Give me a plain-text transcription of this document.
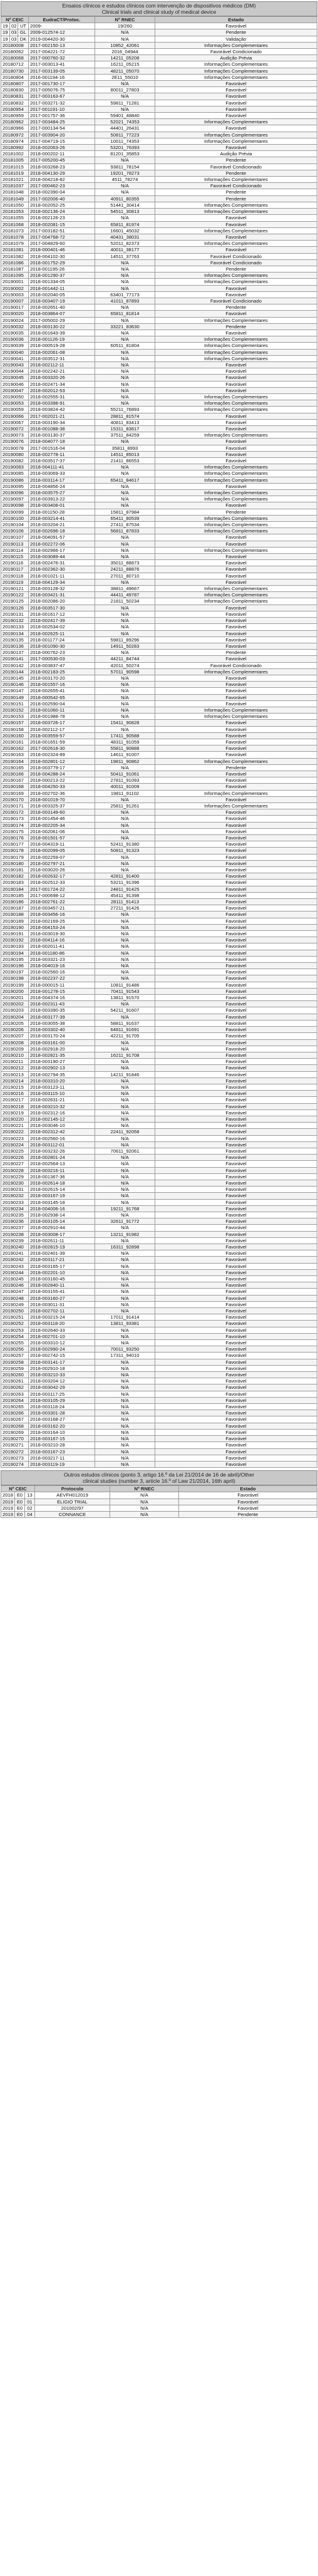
Ensaios clínicos e estudos clínicos com intervenção de dispositivos médicos (DM)
Clinical trials and clinical study of medical device
Nº CEIC			EudraCT/Protoc.	Nº RNEC	Estado
19	02	UT	2009-	19/260	Favorável
19	03	GL	2009-012574-12	N/A	Pendente
19	03	DK	2019-004420-30	N/A	Validação
20180008			2017-002150-13	10852_42061	Informações Complementares
20180062			2017-004221-72	2016_04944	Favorável Condicionado
20180068			2017-000760-32	14211_05208	Audição Prévia
20180712			2017-003013-41	16211_05215	Informações Complementares
20180730			2017-003139-05	48211_05070	Informações Complementares
20180804			2016-001194-16	2E11_55010	Informações Complementares
20180807			2017-001730-17	N/A	Favorável
20180830			2017-005076-75	80011_27803	Favorável
20180831			2017-003163-67	N/A	Favorável
20180832			2017-003271-32	59811_71281	Favorável
20180954			2017-001191-10	N/A	Favorável
20180959			2017-001757-36	59401_48840	Favorável
20180962			2017-003484-25	52021_74353	Informações Complementares
20180966			2017-000134-54	44401_26431	Favorável
20180972			2017-003904-20	50811_77223	Informações Complementares
20180974			2017-004719-15	10011_74353	Informações Complementares
20180992			2018-002063-26	53201_76393	Favorável
20181002			2018-000202-11	81201_35853	Audição Prévia
20181005			2017-005200-45	N/A	Pendente
20181015			2018-003268-23	93811_78154	Favorável Condicionado
20181019			2018-004130-29	19201_78273	Pendente
20181021			2018-004218-82	4511_78274	Informações Complementares
20181037			2017-000462-23	N/A	Favorável Condicionado
20181048			2018-002390-04	N/A	Pendente
20181049			2017-002006-40	40911_80355	Pendente
20181050			2018-002052-25	51441_30414	Informações Complementares
20181053			2018-002136-24	54511_30813	Informações Complementares
20181055			2018-002126-23	N/A	Favorável
20181068			2018-002081-15	65811_81974	Favorável
20181073			2017-003182-51	16601_45032	Informações Complementares
20181078			2017-004768-72	40431_38031	Favorável
20181079			2017-004829-60	52011_82373	Informações Complementares
20181081			2018-000401-46	40011_38177	Favorável
20181082			2018-004102-30	14511_37763	Favorável Condicionado
20181086			2018-001752-29	N/A	Favorável Condicionado
20181087			2018-001195-26	N/A	Pendente
20181095			2018-001290-37	N/A	Informações Complementares
20190001			2018-001334-05	N/A	Informações Complementares
20190002			2018-001442-11	N/A	Favorável
20190003			2018-002040-05	63401_77173	Favorável
20190007			2018-003407-19	41011_87893	Favorável Condicionado
20190017			2018-002651-40	N/A	Pendente
20190020			2018-003864-07	65811_81814	Favorável
20190024			2017-005002-29	N/A	Informações Complementares
20190032			2018-003130-22	33221_83630	Pendente
20190035			2018-001643-39	N/A	Favorável
20190036			2018-001126-19	N/A	Informações Complementares
20190039			2018-000519-28	60511_81804	Informações Complementares
20190040			2018-002061-08	N/A	Informações Complementares
20190041			2018-003512-31	N/A	Informações Complementares
20190043			2018-002112-11	N/A	Favorável
20190044			2018-002242-21	N/A	Favorável
20190045			2018-003320-26	N/A	Favorável
20190046			2018-002471-34	N/A	Favorável
20190047			2018-002012-53	N/A	Favorável
20190050			2018-002555-31	N/A	Informações Complementares
20190053			2018-003398-91	N/A	Informações Complementares
20190059			2018-003824-42	55211_76893	Informações Complementares
20190066			2017-002021-21	28811_81574	Favorável
20190067			2018-003190-34	40811_83413	Favorável
20190072			2018-001088-38	15311_83817	Favorável
20190073			2018-003130-37	37511_84259	Informações Complementares
20190076			2018-004077-18	N/A	Favorável
20190078			2017-001516-04	35811_8993	Favorável
20190080			2018-002778-11	14511_85013	Favorável
20190082			2018-003517-37	21411_86553	Favorável
20190083			2018-004111-41	N/A	Informações Complementares
20190085			2018-003069-33	N/A	Informações Complementares
20190086			2018-003114-17	65411_84617	Informações Complementares
20190095			2018-004856-24	N/A	Favorável
20190096			2018-003575-27	N/A	Informações Complementares
20190097			2018-003913-22	N/A	Informações Complementares
20190098			2018-003408-01	N/A	Favorável
20190099			2018-001150-28	15811_87984	Pendente
20190100			2018-003214-41	65411_80539	Informações Complementares
20190104			2018-003204-21	27411_87534	Informações Complementares
20190106			2018-002696-18	56811_87833	Informações Complementares
20190107			2018-004091-57	N/A	Favorável
20190113			2018-002272-06	N/A	Favorável
20190114			2018-002966-17	N/A	Informações Complementares
20190115			2018-003089-44	N/A	Favorável
20190116			2018-002476-31	35011_88873	Favorável
20190117			2018-002362-30	24211_88876	Favorável
20190118			2018-001021-11	27011_80710	Favorável
20190119			2018-004129-34	N/A	Favorável
20190121			2018-003128-32	38811_49667	Informações Complementares
20190122			2018-003421-31	44411_49787	Informações Complementares
20190125			2018-002086-20	21811_50234	Informações Complementares
20190126			2018-003517-30	N/A	Favorável
20190131			2018-001617-12	N/A	Favorável
20190132			2018-002417-39	N/A	Favorável
20190133			2018-002534-02	N/A	Favorável
20190134			2018-002625-11	N/A	Favorável
20190135			2018-001177-24	59811_89296	Favorável
20190136			2018-001090-30	14911_50283	Favorável
20190137			2018-000762-23	N/A	Pendente
20190141			2017-000530-03	44211_84744	Favorável
20190142			2018-003837-47	42011_50274	Favorável Condicionado
20190144			2018-002183-25	57011_90598	Informações Complementares
20190145			2018-003170-20	N/A	Favorável
20190146			2018-001557-16	N/A	Favorável
20190147			2018-002655-41	N/A	Favorável
20190149			2018-000542-65	N/A	Favorável
20190151			2018-002590-04	N/A	Favorável
20190152			2018-001060-11	N/A	Informações Complementares
20190153			2018-001988-78	N/A	Informações Complementares
20190157			2018-003726-17	15411_90828	Favorável
20190158			2018-002112-17	N/A	Favorável
20190160			2018-003559-57	17411_90588	Favorável
20190161			2018-001651-59	48311_91059	Favorável
20190162			2017-002618-30	55811_90888	Favorável
20190163			2018-002324-89	14611_91007	Favorável
20190164			2018-002801-12	19811_90862	Informações Complementares
20190165			2018-003779-17	N/A	Pendente
20190166			2018-004288-24	50411_91061	Favorável
20190167			2018-000213-22	27811_91093	Favorável
20190168			2018-004250-33	40011_91009	Favorável
20190169			2018-002702-36	19811_91102	Informações Complementares
20190170			2018-001019-70	N/A	Favorável
20190171			2018-003325-37	25811_91261	Informações Complementares
20190172			2018-003149-60	N/A	Favorável
20190173			2018-001454-46	N/A	Favorável
20190174			2018-002205-34	N/A	Favorável
20190175			2018-002061-06	N/A	Favorável
20190176			2018-001501-57	N/A	Favorável
20190177			2018-004319-11	52411_91380	Favorável
20190178			2018-002099-05	50811_91323	Favorável
20190179			2018-002259-07	N/A	Favorável
20190180			2018-002797-21	N/A	Favorável
20190181			2018-003020-26	N/A	Favorável
20190182			2018-002632-17	42811_91400	Favorável
20190183			2018-002512-33	53211_91396	Favorável
20190184			2017-001724-22	24811_91425	Favorável
20190185			2017-000698-12	45411_91398	Favorável
20190186			2018-002761-22	28111_91413	Favorável
20190187			2018-003457-21	27211_91426	Favorável
20190188			2018-003456-16	N/A	Favorável
20190189			2018-002169-25	N/A	Favorável
20190190			2018-004153-24	N/A	Favorável
20190191			2018-003019-30	N/A	Favorável
20190192			2018-004114-16	N/A	Favorável
20190193			2018-002011-41	N/A	Favorável
20190194			2018-001180-86	N/A	Favorável
20190195			2018-003321-23	N/A	Favorável
20190196			2018-004019-16	N/A	Favorável
20190197			2018-002560-16	N/A	Favorável
20190198			2018-002237-22	N/A	Favorável
20190199			2018-000015-11	10811_91486	Favorável
20190200			2018-001278-15	70411_91543	Favorável
20190201			2018-004374-16	13811_91570	Favorável
20190202			2018-002311-43	N/A	Favorável
20190203			2018-003390-35	54211_91607	Favorável
20190204			2018-003177-39	N/A	Favorável
20190205			2018-003055-38	58811_91637	Favorável
20190206			2018-003302-40	64811_91691	Favorável
20190207			2018-003170-24	42211_91705	Favorável
20190208			2018-003161-00	N/A	Favorável
20190209			2018-002918-20	N/A	Favorável
20190210			2018-002821-35	16211_91708	Favorável
20190211			2018-003190-27	N/A	Favorável
20190212			2018-002902-13	N/A	Favorável
20190213			2018-002794-35	14211_91846	Favorável
20190214			2018-003310-20	N/A	Favorável
20190215			2018-003123-11	N/A	Favorável
20190216			2018-003115-10	N/A	Favorável
20190217			2018-002631-21	N/A	Favorável
20190218			2018-003210-32	N/A	Favorável
20190219			2018-002312-16	N/A	Favorável
20190220			2018-002145-12	N/A	Favorável
20190221			2018-003046-10	N/A	Favorável
20190222			2018-002312-42	22411_92058	Favorável
20190223			2018-002560-16	N/A	Favorável
20190224			2018-003112-01	N/A	Favorável
20190225			2018-003232-26	70611_92061	Favorável
20190226			2018-002801-24	N/A	Favorável
20190227			2018-002564-13	N/A	Favorável
20190228			2018-003216-11	N/A	Favorável
20190229			2018-001367-36	N/A	Favorável
20190230			2018-002614-18	N/A	Favorável
20190231			2018-002615-14	N/A	Favorável
20190232			2018-003167-19	N/A	Favorável
20190233			2018-003145-18	N/A	Favorável
20190234			2018-004006-16	19211_91768	Favorável
20190235			2018-002938-14	N/A	Favorável
20190236			2018-003105-14	32611_91772	Favorável
20190237			2018-002910-44	N/A	Favorável
20190238			2018-003008-17	13211_91982	Favorável
20190239			2018-002611-11	N/A	Favorável
20190240			2018-002815-19	16311_92898	Favorável
20190241			2018-002401-39	N/A	Favorável
20190242			2018-003117-21	N/A	Favorável
20190243			2018-003165-17	N/A	Favorável
20190244			2018-002201-10	N/A	Favorável
20190245			2018-003160-45	N/A	Favorável
20190246			2018-002840-11	N/A	Favorável
20190247			2018-003155-41	N/A	Favorável
20190248			2018-003160-27	N/A	Favorável
20190249			2018-003011-31	N/A	Favorável
20190250			2018-002702-11	N/A	Favorável
20190251			2018-003215-24	17011_91414	Favorável
20190252			2018-003118-20	13811_93381	Favorável
20190253			2018-002640-33	N/A	Favorável
20190254			2018-002701-10	N/A	Favorável
20190255			2018-003310-12	N/A	Favorável
20190256			2018-002990-24	70011_93250	Favorável
20190257			2018-002742-15	17311_94010	Favorável
20190258			2018-003141-17	N/A	Favorável
20190259			2018-002910-18	N/A	Favorável
20190260			2018-003210-33	N/A	Favorável
20190261			2018-003204-12	N/A	Favorável
20190262			2018-003042-29	N/A	Favorável
20190263			2018-003117-25	N/A	Favorável
20190264			2018-003105-29	N/A	Favorável
20190265			2018-003118-24	N/A	Favorável
20190266			2018-003301-28	N/A	Favorável
20190267			2018-003168-27	N/A	Favorável
20190268			2018-003162-20	N/A	Favorável
20190269			2018-003164-10	N/A	Favorável
20190270			2018-003167-15	N/A	Favorável
20190271			2018-003210-28	N/A	Favorável
20190272			2018-003167-23	N/A	Favorável
20190273			2018-003217-11	N/A	Favorável
20190274			2018-003119-19	N/A	Favorável
Outros estudos clínicos (ponto 3, artigo 16.º da Lei 21/2014 de 16 de abril)/Other
clinical studies (number 3, article 16.º of Law 21/2014, 16th april)
Nº CEIC			Protocolo	Nº RNEC	Estado
2018	E0	13	AEVFH012019	N/A	Favorável
2019	E0	01	ELIGIO TRIAL	N/A	Favorável
2019	E0	02	201002/97	N/A	Favorável
2019	E0	04	CONNANCE	N/A	Pendente
